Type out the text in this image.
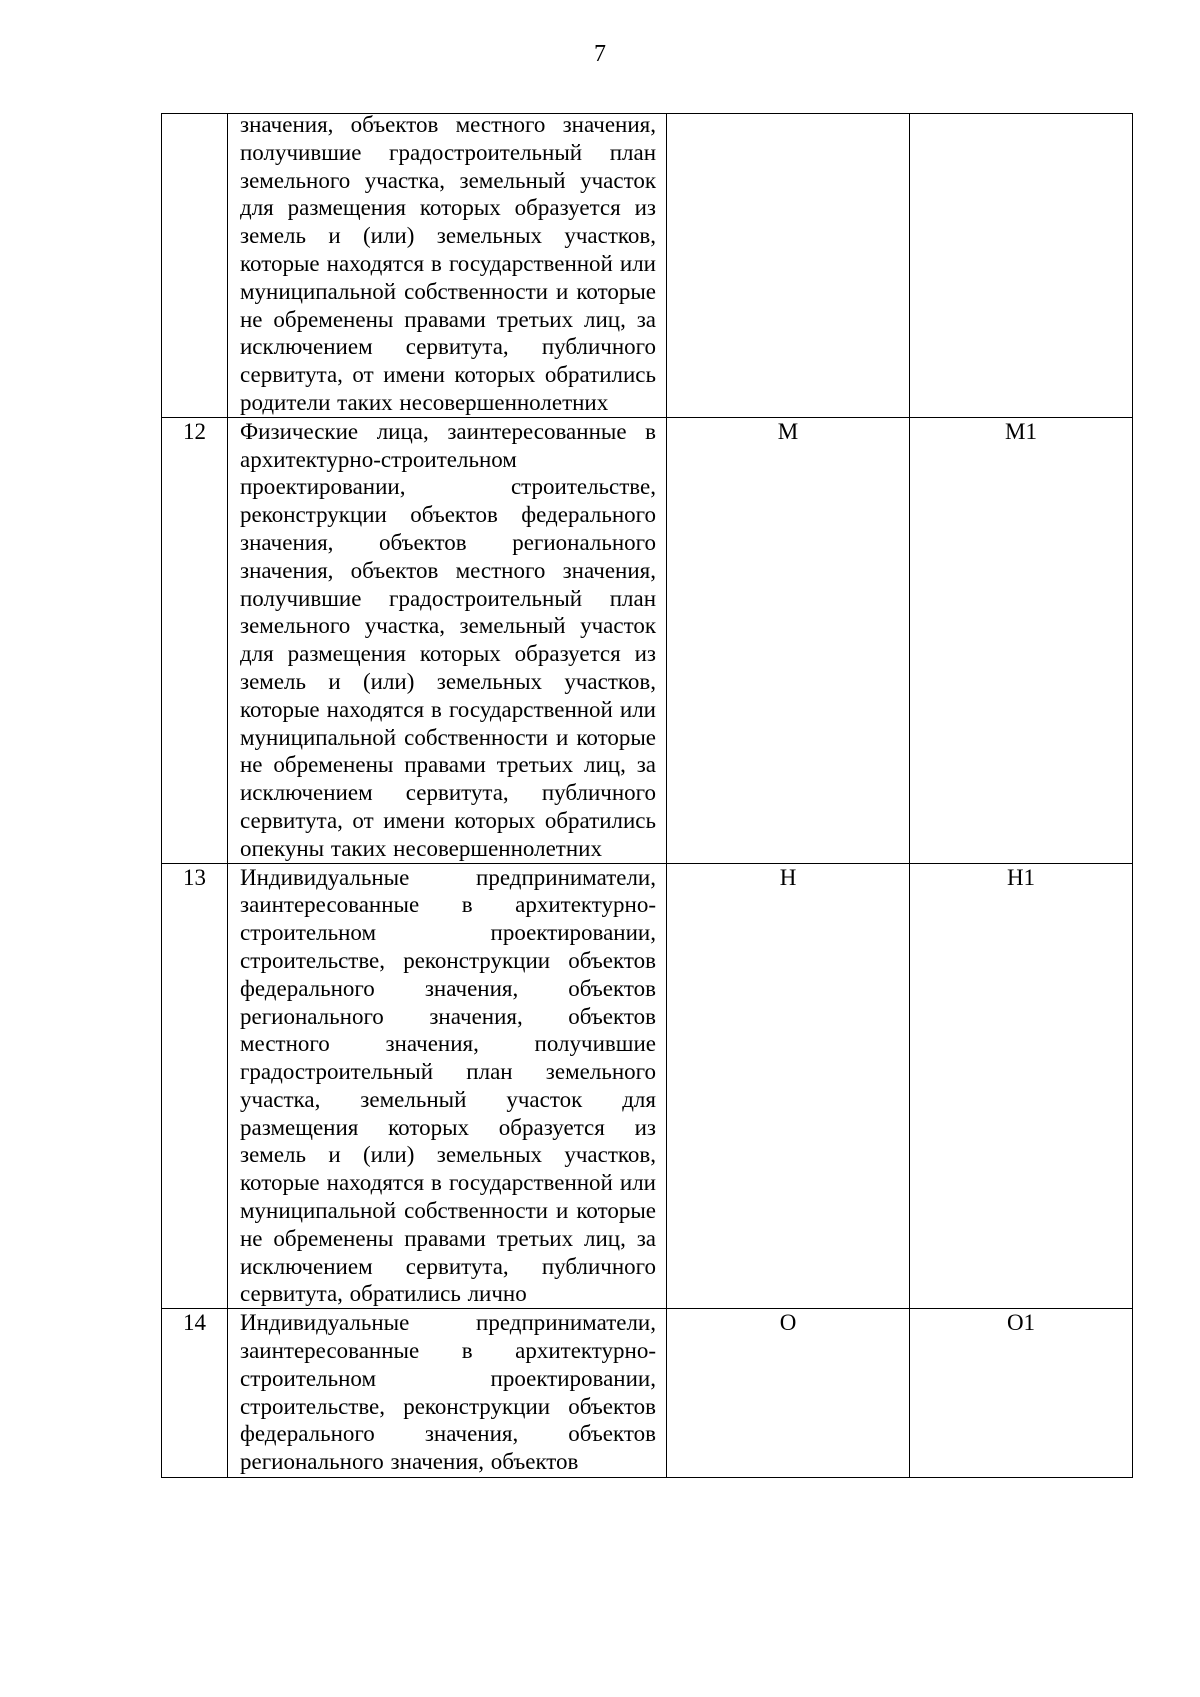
7

	значения, объектов местного значения, получившие градостроительный план земельного участка, земельный участок для размещения которых образуется из земель и (или) земельных участков, которые находятся в государственной или муниципальной собственности и которые не обременены правами третьих лиц, за исключением сервитута, публичного сервитута, от имени которых обратились родители таких несовершеннолетних		

12	Физические лица, заинтересованные в архитектурно-строительном проектировании, строительстве, реконструкции объектов федерального значения, объектов регионального значения, объектов местного значения, получившие градостроительный план земельного участка, земельный участок для размещения которых образуется из земель и (или) земельных участков, которые находятся в государственной или муниципальной собственности и которые не обременены правами третьих лиц, за исключением сервитута, публичного сервитута, от имени которых обратились опекуны таких несовершеннолетних	М	М1
13	Индивидуальные предприниматели, заинтересованные в архитектурно-строительном проектировании, строительстве, реконструкции объектов федерального значения, объектов регионального значения, объектов местного значения, получившие градостроительный план земельного участка, земельный участок для размещения которых образуется из земель и (или) земельных участков, которые находятся в государственной или муниципальной собственности и которые не обременены правами третьих лиц, за исключением сервитута, публичного сервитута, обратились лично	Н	Н1
14	Индивидуальные предприниматели, заинтересованные в архитектурно-строительном проектировании, строительстве, реконструкции объектов федерального значения, объектов регионального значения, объектов	О	О1
